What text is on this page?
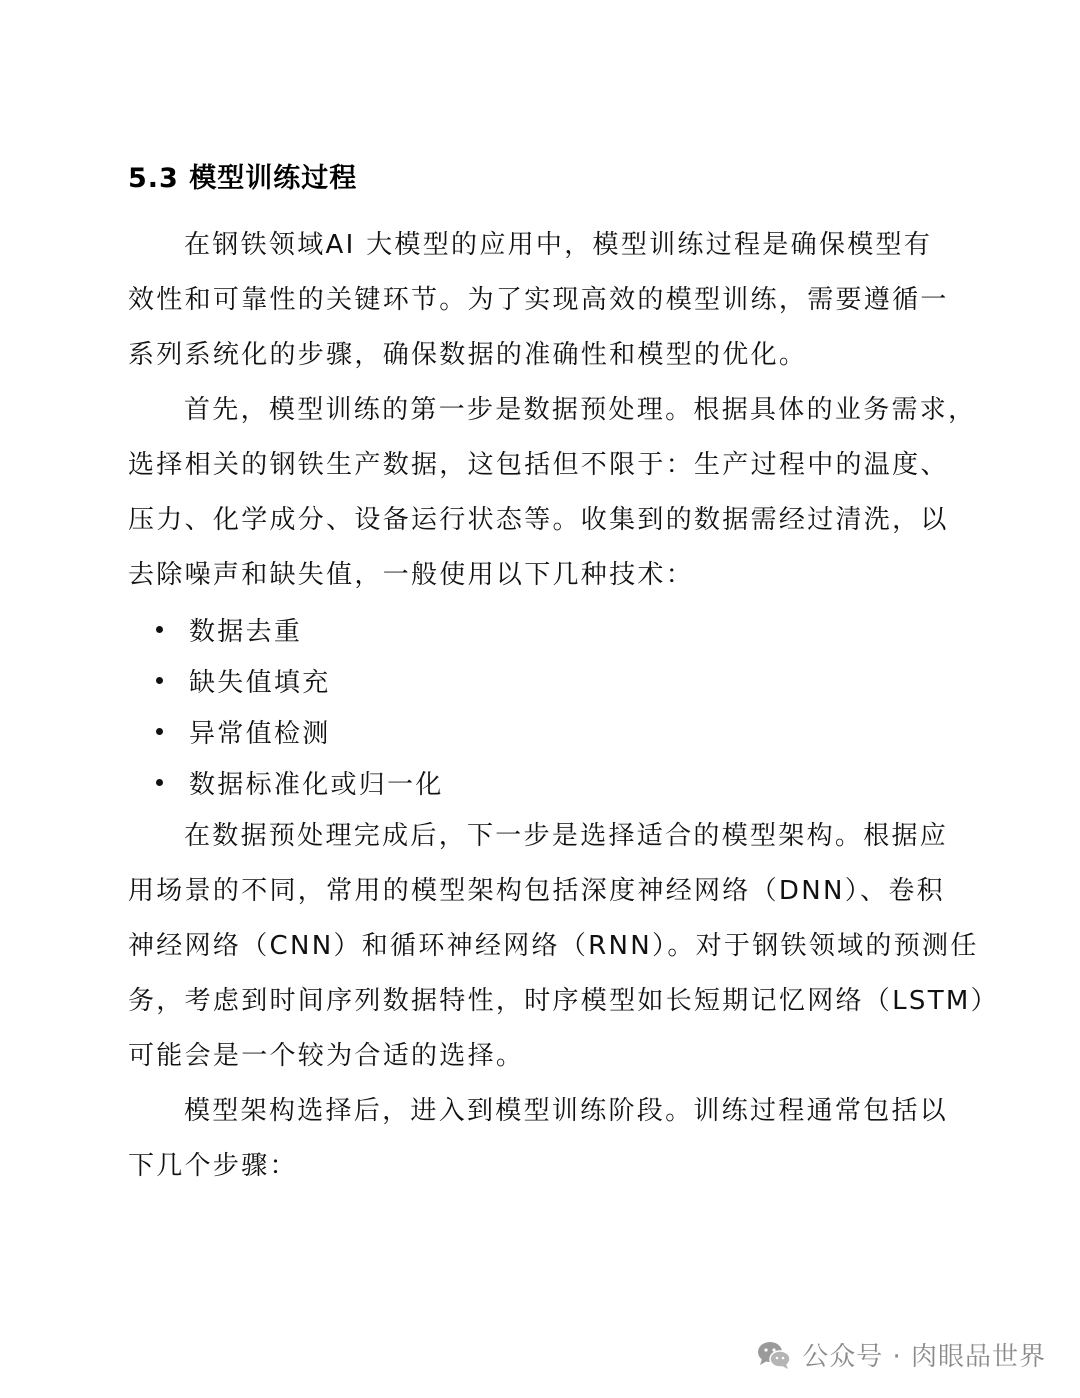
5.3 模型训练过程
在钢铁领域AI 大模型的应用中，模型训练过程是确保模型有
效性和可靠性的关键环节。为了实现高效的模型训练，需要遵循一
系列系统化的步骤，确保数据的准确性和模型的优化。
首先，模型训练的第一步是数据预处理。根据具体的业务需求，
选择相关的钢铁生产数据，这包括但不限于：生产过程中的温度、
压力、化学成分、设备运行状态等。收集到的数据需经过清洗，以
去除噪声和缺失值，一般使用以下几种技术：
数据去重
缺失值填充
异常值检测
数据标准化或归一化
在数据预处理完成后，下一步是选择适合的模型架构。根据应
用场景的不同，常用的模型架构包括深度神经网络（DNN）、卷积
神经网络（CNN）和循环神经网络（RNN）。对于钢铁领域的预测任
务，考虑到时间序列数据特性，时序模型如长短期记忆网络（LSTM）
可能会是一个较为合适的选择。
模型架构选择后，进入到模型训练阶段。训练过程通常包括以
下几个步骤：
公众号 · 肉眼品世界
